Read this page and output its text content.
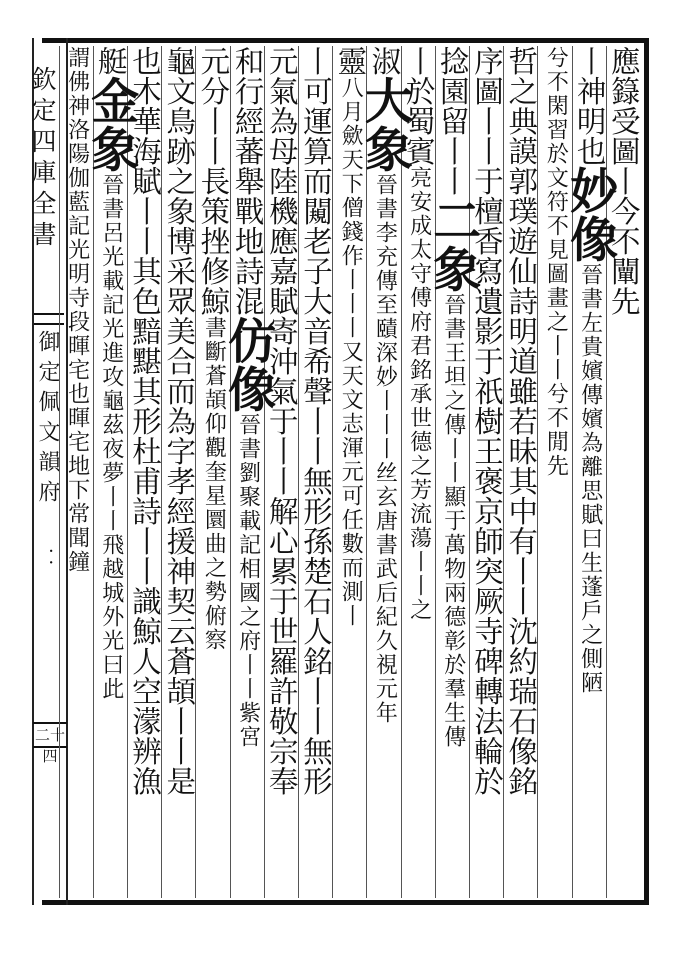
欽定四庫全書
御定佩文韻府
· ·
二十四
應籙受圖丨今不闡先
丨神明也妙像晉書左貴嬪傳嬪為離思賦曰生蓬戶之側陋
兮不閑習於文符不見圖畫之丨丨兮不閒先
哲之典謨郭璞遊仙詩明道雖若昧其中有丨丨沈約瑞石像銘
序圖丨丨于檀香寫遺影于祇樹王褒京師突厥寺碑轉法輪於
捻園留丨丨二象晉書王坦之傳丨丨顯于萬物兩德彰於羣生傳
丨於蜀賓亮安成太守傅府君銘承世德之芳流蕩丨丨之
淑大象晉書李充傳至賾深妙丨丨丨丝玄唐書武后紀久視元年
靈八月歛天下僧錢作丨丨丨又天文志渾元可任數而測丨
丨可運算而闚老子大音希聲丨丨無形孫楚石人銘丨丨無形
元氣為母陸機應嘉賦寄沖氣于丨丨解心累于世羅許敬宗奉
和行經蕃舉戰地詩混仿像晉書劉聚載記相國之府丨丨紫宮
元分丨丨長策挫修鯨書斷蒼頡仰觀奎星圜曲之勢俯察
龜文鳥跡之象博采眾美合而為字孝經援神契云蒼頡丨丨是
也木華海賦丨丨其色黯黮其形杜甫詩丨丨識鯨人空濛辨漁
艇金象晉書呂光載記光進攻龜茲夜夢丨丨飛越城外光曰此
謂佛神洛陽伽藍記光明寺段暉宅也暉宅地下常聞鐘
